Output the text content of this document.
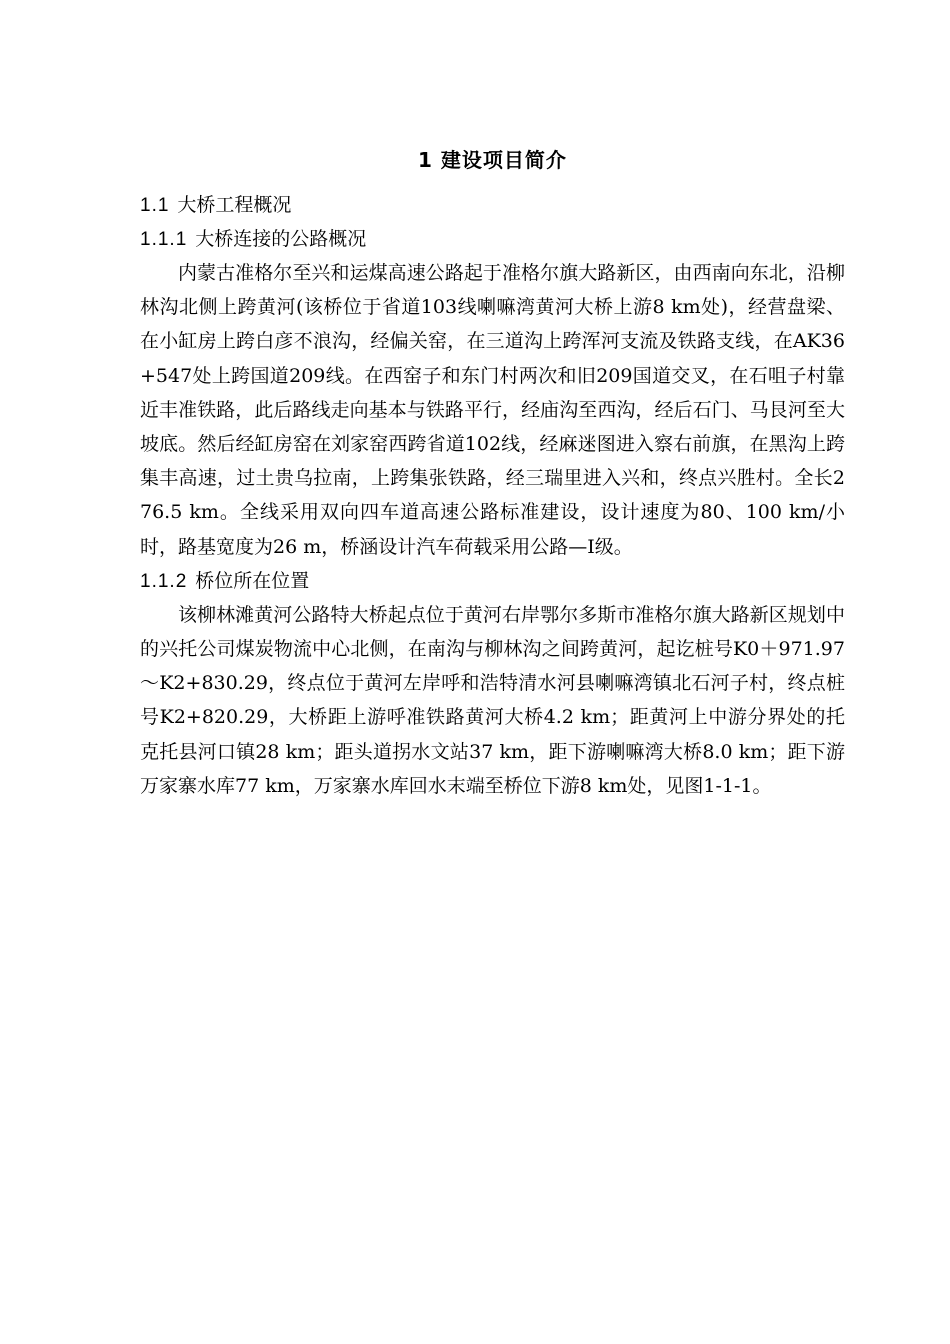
1 建设项目简介
1.1 大桥工程概况
1.1.1 大桥连接的公路概况

内蒙古准格尔至兴和运煤高速公路起于准格尔旗大路新区，由西南向东北，沿柳林沟北侧上跨黄河(该桥位于省道103线喇嘛湾黄河大桥上游8 km处)，经营盘梁、在小缸房上跨白彦不浪沟，经偏关窑，在三道沟上跨浑河支流及铁路支线，在AK36+547处上跨国道209线。在西窑子和东门村两次和旧209国道交叉，在石咀子村靠近丰准铁路，此后路线走向基本与铁路平行，经庙沟至西沟，经后石门、马艮河至大坡底。然后经缸房窑在刘家窑西跨省道102线，经麻迷图进入察右前旗，在黑沟上跨集丰高速，过土贵乌拉南，上跨集张铁路，经三瑞里进入兴和，终点兴胜村。全长276.5 km。全线采用双向四车道高速公路标准建设，设计速度为80、100 km/小时，路基宽度为26 m，桥涵设计汽车荷载采用公路—Ⅰ级。

1.1.2 桥位所在位置

该柳林滩黄河公路特大桥起点位于黄河右岸鄂尔多斯市准格尔旗大路新区规划中的兴托公司煤炭物流中心北侧，在南沟与柳林沟之间跨黄河，起讫桩号K0＋971.97～K2+830.29，终点位于黄河左岸呼和浩特清水河县喇嘛湾镇北石河子村，终点桩号K2+820.29，大桥距上游呼准铁路黄河大桥4.2 km；距黄河上中游分界处的托克托县河口镇28 km；距头道拐水文站37 km，距下游喇嘛湾大桥8.0 km；距下游万家寨水库77 km，万家寨水库回水末端至桥位下游8 km处，见图1-1-1。
